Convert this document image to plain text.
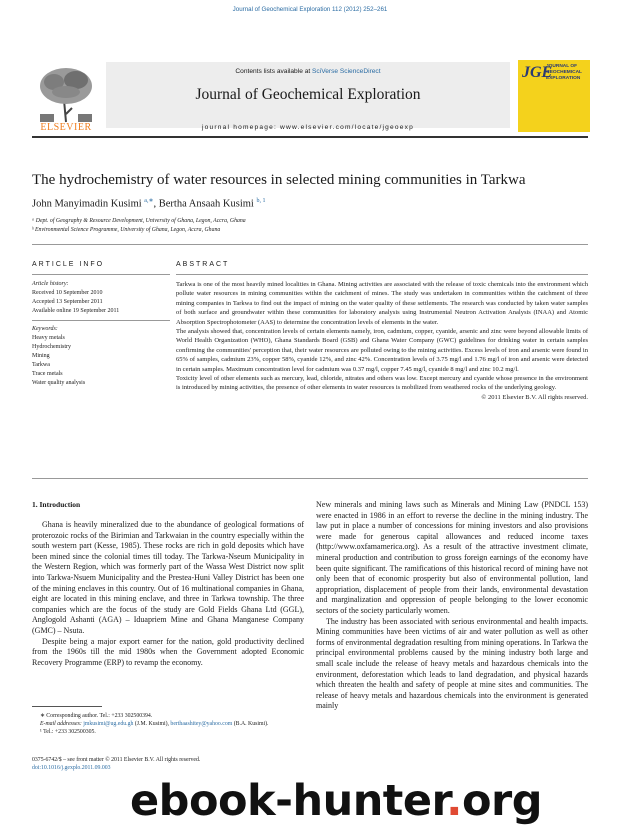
Journal of Geochemical Exploration 112 (2012) 252–261
ELSEVIER
Contents lists available at SciVerse ScienceDirect
Journal of Geochemical Exploration
journal homepage: www.elsevier.com/locate/jgeoexp
JGE
JOURNAL OF GEOCHEMICAL EXPLORATION
The hydrochemistry of water resources in selected mining communities in Tarkwa
John Manyimadin Kusimi $^{a,∗}$, Bertha Ansaah Kusimi $^{b, 1}$
ᵃ Dept. of Geography & Resource Development, University of Ghana, Legon, Accra, Ghana
ᵇ Environmental Science Programme, University of Ghana, Legon, Accra, Ghana
ARTICLE INFO
Article history:
Received 10 September 2010
Accepted 13 September 2011
Available online 19 September 2011
Keywords:
Heavy metals
Hydrochemistry
Mining
Tarkwa
Trace metals
Water quality analysis
ABSTRACT

Tarkwa is one of the most heavily mined localities in Ghana. Mining activities are associated with the release of toxic chemicals into the environment which pollute water resources in mining communities within the catchment of mines. The study was undertaken in communities within the catchment of three mining companies in Tarkwa to find out the impact of mining on the water quality of these settlements. The research was conducted by taken water samples of both surface and groundwater within these communities for laboratory analysis using Instrumental Neutron Activation Analysis (INAA) and Atomic Absorption Spectrophotometer (AAS) to determine the concentration levels of elements in the water.

The analysis showed that, concentration levels of certain elements namely, iron, cadmium, copper, cyanide, arsenic and zinc were beyond allowable limits of World Health Organization (WHO), Ghana Standards Board (GSB) and Ghana Water Company (GWC) guidelines for drinking water in certain samples confirming the communities' perception that, their water resources are polluted owing to the mining activities. Excess levels of iron and arsenic were found in 65% of samples, cadmium 23%, copper 58%, cyanide 12%, and zinc 42%. Concentration levels of 3.75 mg/l and 1.76 mg/l of iron and arsenic were detected in certain samples. Maximum concentration level for cadmium was 0.37 mg/l, copper 7.45 mg/l, cyanide 8 mg/l and zinc 10.2 mg/l.

Toxicity level of other elements such as mercury, lead, chloride, nitrates and others was low. Except mercury and cyanide whose presence in the environment is introduced by mining activities, the presence of other elements in water resources is mobilized from weathered rocks of the underlying geology.

© 2011 Elsevier B.V. All rights reserved.

1. Introduction

Ghana is heavily mineralized due to the abundance of geological formations of proterozoic rocks of the Birimian and Tarkwaian in the country especially within the south western part (Kesse, 1985). These rocks are rich in gold deposits which have been mined since the colonial times till today. The Tarkwa-Nseum Municipality in the Western Region, which was formerly part of the Wassa West District now split into Tarkwa-Nsuem Municipality and the Prestea-Huni Valley District has been one of the mining enclaves in this country. Out of 16 multinational companies in Ghana, eight are located in this mining enclave, and three in Tarkwa township. The three companies which are the focus of the study are Gold Fields Ghana Ltd (GGL), Anglogold Ashanti (AGA) – Iduapriem Mine and Ghana Manganese Company (GMC) – Nsuta.

Despite being a major export earner for the nation, gold productivity declined from the 1960s till the mid 1980s when the Government adopted Economic Recovery Programme (ERP) to revamp the economy.

New minerals and mining laws such as Minerals and Mining Law (PNDCL 153) were enacted in 1986 in an effort to reverse the decline in the mining industry. The law put in place a number of concessions for mining investors and also provisions were made for generous capital allowances and reduced income taxes (http://www.oxfamamerica.org). As a result of the attractive investment climate, mineral production and contribution to gross foreign earnings of the economy have been quite significant. The ramifications of this historical record of mining have not only been that of economic prosperity but also of environmental pollution, land appropriation, displacement of people from their lands, environmental devastation and marginalization and oppression of people belonging to the lower economic sectors of the society particularly women.

The industry has been associated with serious environmental and health impacts. Mining communities have been victims of air and water pollution as well as other forms of environmental degradation resulting from mining operations. In Tarkwa the principal environmental problems caused by the mining industry both large and small scale include the release of heavy metals and hazardous chemicals into the environment, deforestation which leads to land degradation, and physical hazards which threaten the health and safety of people at mine sites and communities. The release of heavy metals and hazardous chemicals into the environment is generated mainly

∗ Corresponding author. Tel.: +233 302500394.
E-mail addresses: jmkusimi@ug.edu.gh (J.M. Kusimi), berthaashitey@yahoo.com (B.A. Kusimi).
¹ Tel.: +233 302500305.
0375-6742/$ – see front matter © 2011 Elsevier B.V. All rights reserved.
doi:10.1016/j.gexplo.2011.09.003
ebook-hunter.org
